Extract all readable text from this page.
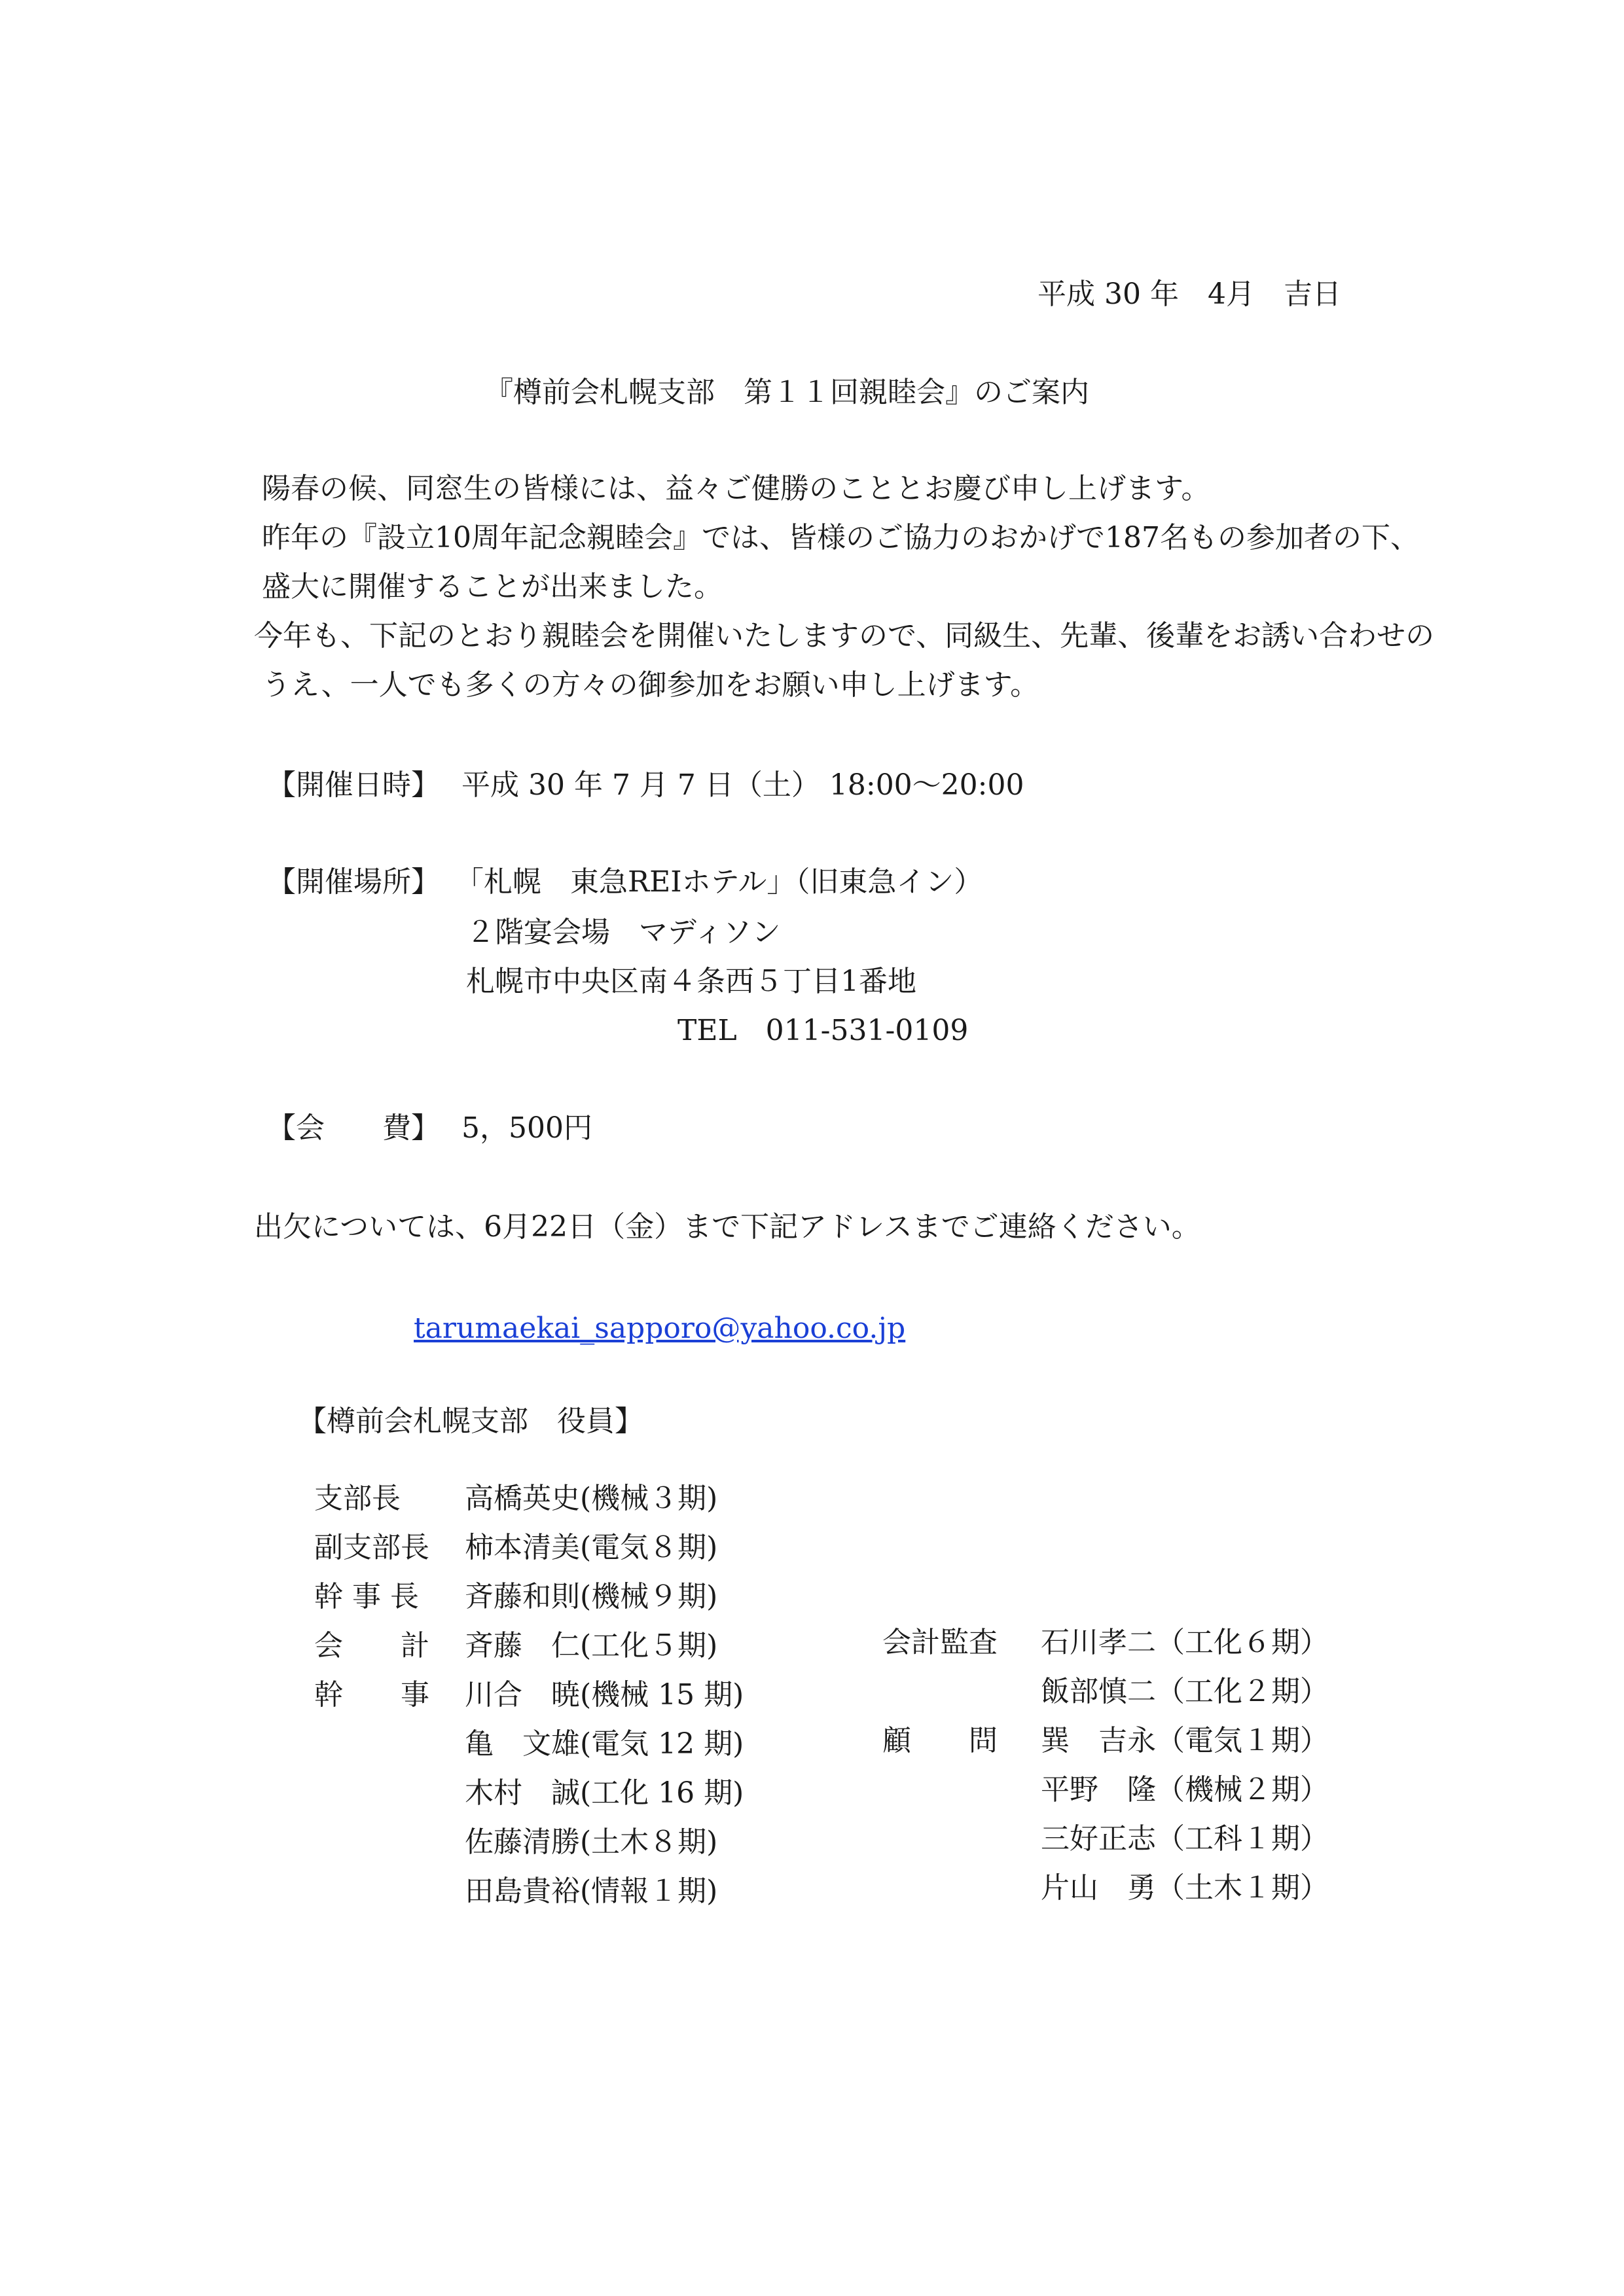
平成 30 年　4月　吉日
『樽前会札幌支部　第１１回親睦会』のご案内
陽春の候、同窓生の皆様には、益々ご健勝のこととお慶び申し上げます。
昨年の『設立10周年記念親睦会』では、皆様のご協力のおかげで187名もの参加者の下、
盛大に開催することが出来ました。
今年も、下記のとおり親睦会を開催いたしますので、同級生、先輩、後輩をお誘い合わせの
うえ、一人でも多くの方々の御参加をお願い申し上げます。
【開催日時】 平成 30 年 7 月 7 日（土） 18:00～20:00
【開催場所】 「札幌　東急REIホテル」（旧東急イン）
２階宴会場　マディソン
札幌市中央区南４条西５丁目1番地
TEL　011-531-0109
【会　　費】 5，500円
出欠については、6月22日（金）まで下記アドレスまでご連絡ください。
tarumaekai_sapporo@yahoo.co.jp
【樽前会札幌支部　役員】
支部長 高橋英史(機械３期)
副支部長 柿本清美(電気８期)
幹 事 長 斉藤和則(機械９期)
会　　計 斉藤　仁(工化５期)
幹　　事 川合　暁(機械 15 期)
亀　文雄(電気 12 期)
木村　誠(工化 16 期)
佐藤清勝(土木８期)
田島貴裕(情報１期)
会計監査 石川孝二（工化６期）
飯部慎二（工化２期）
顧　　問 巽　吉永（電気１期）
平野　隆（機械２期）
三好正志（工科１期）
片山　勇（土木１期）
